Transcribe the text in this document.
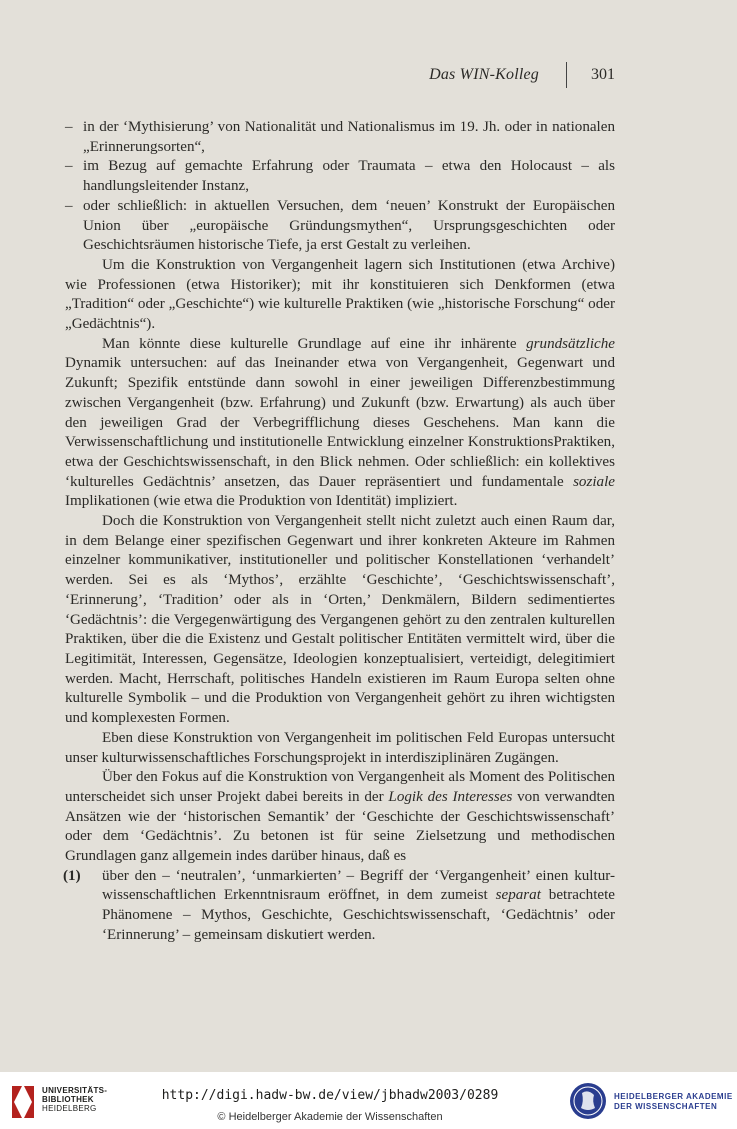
Das WIN-Kolleg	301

– in der ‘Mythisierung’ von Nationalität und Nationalismus im 19. Jh. oder in nationalen „Erinnerungsorten“,

– im Bezug auf gemachte Erfahrung oder Traumata – etwa den Holocaust – als handlungsleitender Instanz,

– oder schließlich: in aktuellen Versuchen, dem ‘neuen’ Konstrukt der Europäischen Union über „europäische Gründungsmythen“, Ursprungsgeschichten oder Geschichtsräumen historische Tiefe, ja erst Gestalt zu verleihen.

Um die Konstruktion von Vergangenheit lagern sich Institutionen (etwa Archive) wie Professionen (etwa Historiker); mit ihr konstituieren sich Denkformen (etwa „Tradition“ oder „Geschichte“) wie kulturelle Praktiken (wie „historische Forschung“ oder „Gedächtnis“).

Man könnte diese kulturelle Grundlage auf eine ihr inhärente grundsätzliche Dynamik untersuchen: auf das Ineinander etwa von Vergangenheit, Gegenwart und Zukunft; Spezifik entstünde dann sowohl in einer jeweiligen Differenzbestimmung zwischen Vergangenheit (bzw. Erfahrung) und Zukunft (bzw. Erwartung) als auch über den jeweiligen Grad der Verbegrifflichung dieses Geschehens. Man kann die Verwissenschaftlichung und institutionelle Entwicklung einzelner KonstruktionsPraktiken, etwa der Geschichtswissenschaft, in den Blick nehmen. Oder schließlich: ein kollektives ‘kulturelles Gedächtnis’ ansetzen, das Dauer repräsentiert und fundamentale soziale Implikationen (wie etwa die Produktion von Identität) impliziert.

Doch die Konstruktion von Vergangenheit stellt nicht zuletzt auch einen Raum dar, in dem Belange einer spezifischen Gegenwart und ihrer konkreten Akteure im Rahmen einzelner kommunikativer, institutioneller und politischer Konstellationen ‘verhandelt’ werden. Sei es als ‘Mythos’, erzählte ‘Geschichte’, ‘Geschichtswissenschaft’, ‘Erinnerung’, ‘Tradition’ oder als in ‘Orten,’ Denkmälern, Bildern sedimentiertes ‘Gedächtnis’: die Vergegenwärtigung des Vergangenen gehört zu den zentralen kulturellen Praktiken, über die die Existenz und Gestalt politischer Entitäten vermittelt wird, über die Legitimität, Interessen, Gegensätze, Ideologien konzeptualisiert, verteidigt, delegitimiert werden. Macht, Herrschaft, politisches Handeln existieren im Raum Europa selten ohne kulturelle Symbolik – und die Produktion von Vergangenheit gehört zu ihren wichtigsten und komplexesten Formen.

Eben diese Konstruktion von Vergangenheit im politischen Feld Europas untersucht unser kulturwissenschaftliches Forschungsprojekt in interdisziplinären Zugängen.

Über den Fokus auf die Konstruktion von Vergangenheit als Moment des Politischen unterscheidet sich unser Projekt dabei bereits in der Logik des Interesses von verwandten Ansätzen wie der ‘historischen Semantik’ der ‘Geschichte der Geschichtswissenschaft’ oder dem ‘Gedächtnis’. Zu betonen ist für seine Zielsetzung und methodischen Grundlagen ganz allgemein indes darüber hinaus, daß es

(1) über den – ‘neutralen’, ‘unmarkierten’ – Begriff der ‘Vergangenheit’ einen kultur-wissenschaftlichen Erkenntnisraum eröffnet, in dem zumeist separat betrachtete Phänomene – Mythos, Geschichte, Geschichtswissenschaft, ‘Gedächtnis’ oder ‘Erinnerung’ – gemeinsam diskutiert werden.

UNIVERSITÄTS-
BIBLIOTHEK
HEIDELBERG
http://digi.hadw-bw.de/view/jbhadw2003/0289
© Heidelberger Akademie der Wissenschaften
HEIDELBERGER AKADEMIE
DER WISSENSCHAFTEN
